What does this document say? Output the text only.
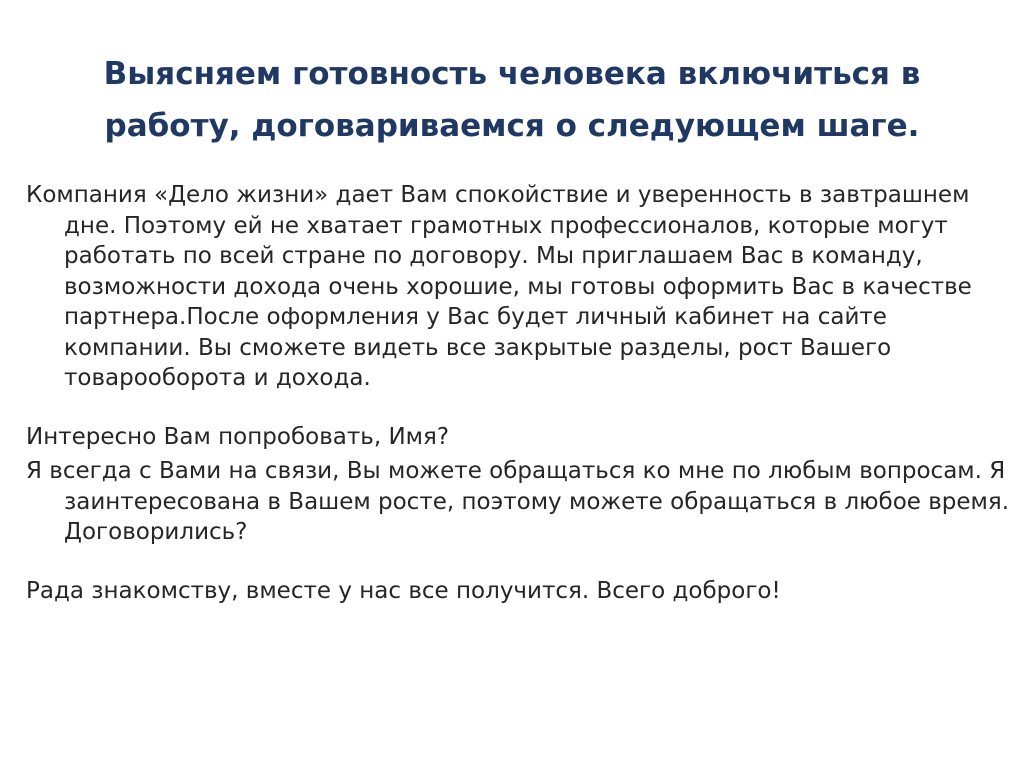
Выясняем готовность человека включиться в работу, договариваемся о следующем шаге.

Компания «Дело жизни» дает Вам спокойствие и уверенность в завтрашнем дне. Поэтому ей не хватает грамотных профессионалов, которые могут работать по всей стране по договору. Мы приглашаем Вас в команду, возможности дохода очень хорошие, мы готовы оформить Вас в качестве партнера.После оформления у Вас будет личный кабинет на сайте компании. Вы сможете видеть все закрытые разделы, рост Вашего товарооборота и дохода.

Интересно Вам попробовать, Имя?

Я всегда с Вами на связи, Вы можете обращаться ко мне по любым вопросам. Я заинтересована в Вашем росте, поэтому можете обращаться в любое время. Договорились?

Рада знакомству, вместе у нас все получится. Всего доброго!
